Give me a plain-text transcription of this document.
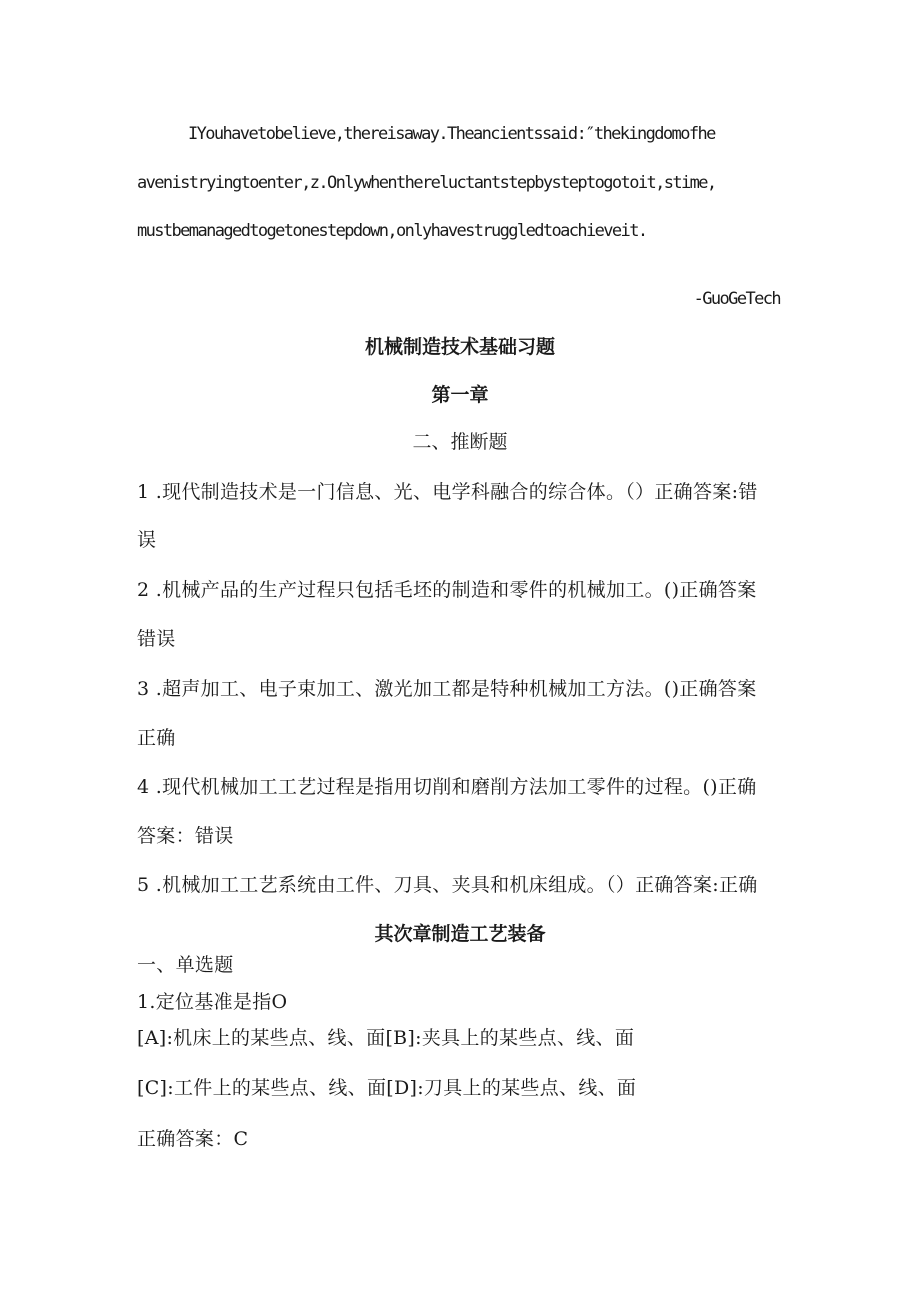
IYouhavetobelieve,thereisaway.Theancientssaid:″thekingdomofhe
avenistryingtoenter‚z.Onlywhenthereluctantstepbysteptogotoit‚stime,
mustbemanagedtogetonestepdown,onlyhavestruggledtoachieveit.
-GuoGeTech
机械制造技术基础习题
第一章
二、推断题
1 .现代制造技术是一门信息、光、电学科融合的综合体。（）正确答案:错
误
2 .机械产品的生产过程只包括毛坯的制造和零件的机械加工。()正确答案
错误
3 .超声加工、电子束加工、激光加工都是特种机械加工方法。()正确答案
正确
4 .现代机械加工工艺过程是指用切削和磨削方法加工零件的过程。()正确
答案：错误
5 .机械加工工艺系统由工件、刀具、夹具和机床组成。（）正确答案:正确
其次章制造工艺装备
一、单选题
1.定位基准是指O
[A]:机床上的某些点、线、面[B]:夹具上的某些点、线、面
[C]:工件上的某些点、线、面[D]:刀具上的某些点、线、面
正确答案：C
